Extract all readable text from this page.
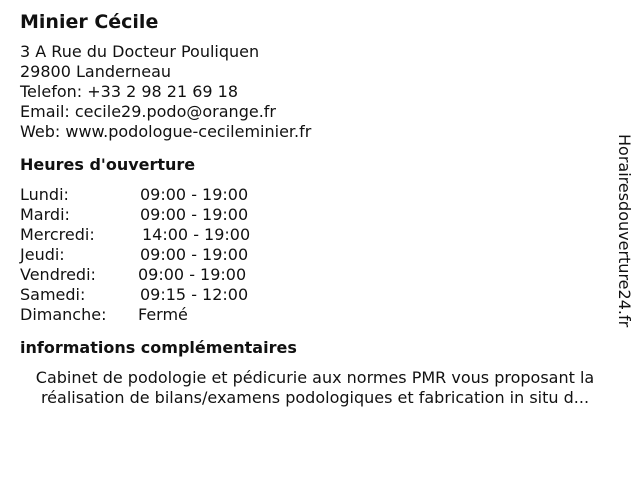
Minier Cécile
3 A Rue du Docteur Pouliquen
29800 Landerneau
Telefon: +33 2 98 21 69 18
Email: cecile29.podo@orange.fr
Web: www.podologue-cecileminier.fr
Heures d'ouverture
Lundi:	09:00 - 19:00
Mardi:	09:00 - 19:00
Mercredi:	14:00 - 19:00
Jeudi:	09:00 - 19:00
Vendredi:	09:00 - 19:00
Samedi:	09:15 - 12:00
Dimanche:	Fermé
informations complémentaires
Cabinet de podologie et pédicurie aux normes PMR vous proposant la
réalisation de bilans/examens podologiques et fabrication in situ d...
Horairesdouverture24.fr
